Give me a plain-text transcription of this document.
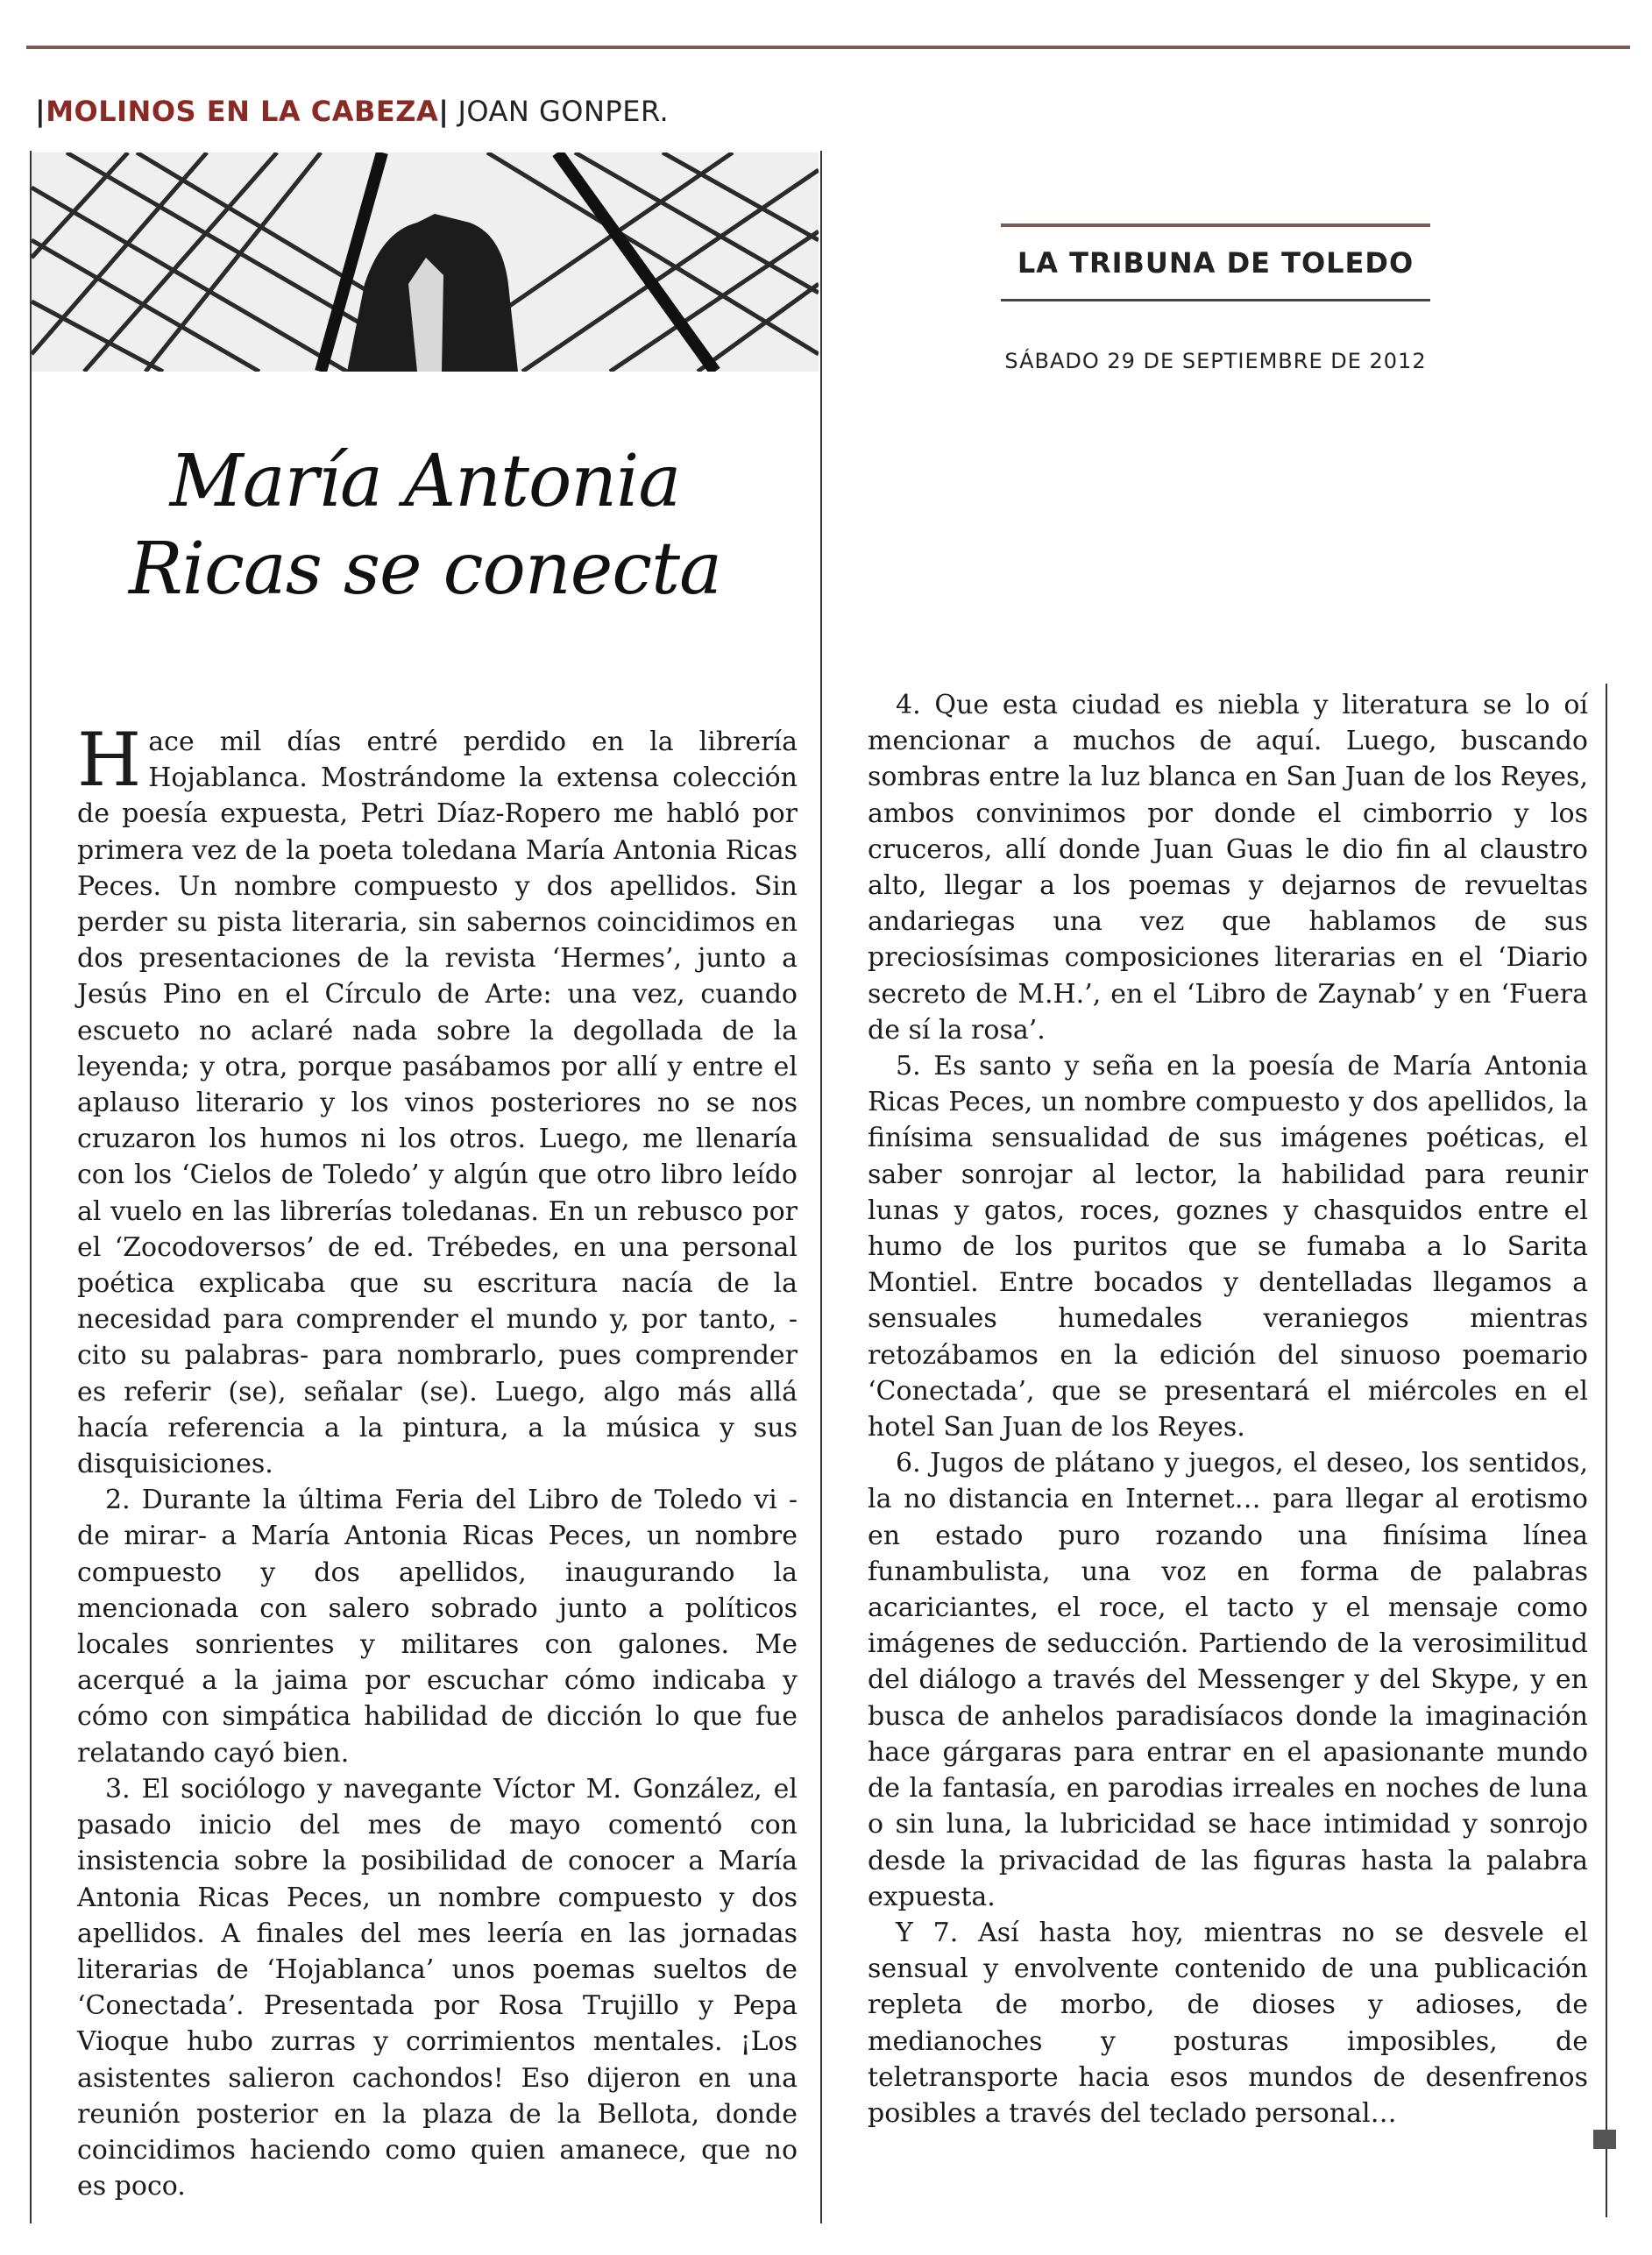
|MOLINOS EN LA CABEZA| JOAN GONPER.
María Antonia
Ricas se conecta
LA TRIBUNA DE TOLEDO
SÁBADO 29 DE SEPTIEMBRE DE 2012

Hace mil días entré perdido en la librería Hojablanca. Mostrándome la extensa colección de poesía expuesta, Petri Díaz-Ropero me habló por primera vez de la poeta toledana María Antonia Ricas Peces. Un nombre compuesto y dos apellidos. Sin perder su pista literaria, sin sabernos coincidimos en dos presentaciones de la revista ‘Hermes’, junto a Jesús Pino en el Círculo de Arte: una vez, cuando escueto no aclaré nada sobre la degollada de la leyenda; y otra, porque pasábamos por allí y entre el aplauso literario y los vinos posteriores no se nos cruzaron los humos ni los otros. Luego, me llenaría con los ‘Cielos de Toledo’ y algún que otro libro leído al vuelo en las librerías toledanas. En un rebusco por el ‘Zocodoversos’ de ed. Trébedes, en una personal poética explicaba que su escritura nacía de la necesidad para comprender el mundo y, por tanto, -cito su palabras- para nombrarlo, pues comprender es referir (se), señalar (se). Luego, algo más allá hacía referencia a la pintura, a la música y sus disquisiciones.

2. Durante la última Feria del Libro de Toledo vi -de mirar- a María Antonia Ricas Peces, un nombre compuesto y dos apellidos, inaugurando la mencionada con salero sobrado junto a políticos locales sonrientes y militares con galones. Me acerqué a la jaima por escuchar cómo indicaba y cómo con simpática habilidad de dicción lo que fue relatando cayó bien.

3. El sociólogo y navegante Víctor M. González, el pasado inicio del mes de mayo comentó con insistencia sobre la posibilidad de conocer a María Antonia Ricas Peces, un nombre compuesto y dos apellidos. A finales del mes leería en las jornadas literarias de ‘Hojablanca’ unos poemas sueltos de ‘Conectada’. Presentada por Rosa Trujillo y Pepa Vioque hubo zurras y corrimientos mentales. ¡Los asistentes salieron cachondos! Eso dijeron en una reunión posterior en la plaza de la Bellota, donde coincidimos haciendo como quien amanece, que no es poco.

4. Que esta ciudad es niebla y literatura se lo oí mencionar a muchos de aquí. Luego, buscando sombras entre la luz blanca en San Juan de los Reyes, ambos convinimos por donde el cimborrio y los cruceros, allí donde Juan Guas le dio fin al claustro alto, llegar a los poemas y dejarnos de revueltas andariegas una vez que hablamos de sus preciosísimas composiciones literarias en el ‘Diario secreto de M.H.’, en el ‘Libro de Zaynab’ y en ‘Fuera de sí la rosa’.

5. Es santo y seña en la poesía de María Antonia Ricas Peces, un nombre compuesto y dos apellidos, la finísima sensualidad de sus imágenes poéticas, el saber sonrojar al lector, la habilidad para reunir lunas y gatos, roces, goznes y chasquidos entre el humo de los puritos que se fumaba a lo Sarita Montiel. Entre bocados y dentelladas llegamos a sensuales humedales veraniegos mientras retozábamos en la edición del sinuoso poemario ‘Conectada’, que se presentará el miércoles en el hotel San Juan de los Reyes.

6. Jugos de plátano y juegos, el deseo, los sentidos, la no distancia en Internet… para llegar al erotismo en estado puro rozando una finísima línea funambulista, una voz en forma de palabras acariciantes, el roce, el tacto y el mensaje como imágenes de seducción. Partiendo de la verosimilitud del diálogo a través del Messenger y del Skype, y en busca de anhelos paradisíacos donde la imaginación hace gárgaras para entrar en el apasionante mundo de la fantasía, en parodias irreales en noches de luna o sin luna, la lubricidad se hace intimidad y sonrojo desde la privacidad de las figuras hasta la palabra expuesta.

Y 7. Así hasta hoy, mientras no se desvele el sensual y envolvente contenido de una publicación repleta de morbo, de dioses y adioses, de medianoches y posturas imposibles, de teletransporte hacia esos mundos de desenfrenos posibles a través del teclado personal…
